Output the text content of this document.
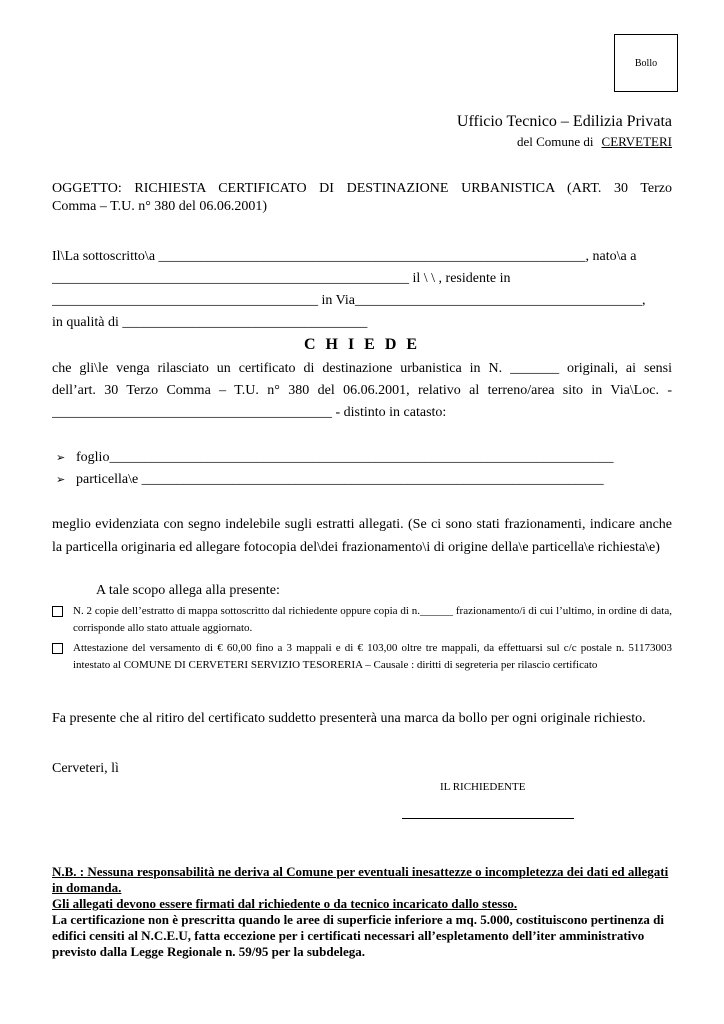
Bollo
Ufficio Tecnico – Edilizia Privata
del Comune di CERVETERI
OGGETTO: RICHIESTA CERTIFICATO DI DESTINAZIONE URBANISTICA (ART. 30 Terzo
Comma – T.U. n° 380 del 06.06.2001)
Il\La sottoscritto\a _____________________________________________________________, nato\a a
___________________________________________________ il \ \ , residente in
______________________________________ in Via_________________________________________,
in qualità di ___________________________________
C H I E D E
che gli\le venga rilasciato un certificato di destinazione urbanistica in N. _______ originali, ai sensi
dell’art. 30 Terzo Comma – T.U. n° 380 del 06.06.2001, relativo al terreno/area sito in Via\Loc. -
________________________________________ - distinto in catasto:
➢ foglio________________________________________________________________________
➢ particella\e __________________________________________________________________
meglio evidenziata con segno indelebile sugli estratti allegati. (Se ci sono stati frazionamenti, indicare anche la particella originaria ed allegare fotocopia del\dei frazionamento\i di origine della\e particella\e richiesta\e)
A tale scopo allega alla presente:
N. 2 copie dell’estratto di mappa sottoscritto dal richiedente oppure copia di n.______ frazionamento/i di cui l’ultimo, in ordine di data, corrisponde allo stato attuale aggiornato.
Attestazione del versamento di € 60,00 fino a 3 mappali e di € 103,00 oltre tre mappali, da effettuarsi sul c/c postale n. 51173003 intestato al COMUNE DI CERVETERI SERVIZIO TESORERIA – Causale : diritti di segreteria per rilascio certificato
Fa presente che al ritiro del certificato suddetto presenterà una marca da bollo per ogni originale richiesto.
Cerveteri, lì
IL RICHIEDENTE
N.B. : Nessuna responsabilità ne deriva al Comune per eventuali inesattezze o incompletezza dei dati ed allegati in domanda.
Gli allegati devono essere firmati dal richiedente o da tecnico incaricato dallo stesso.
La certificazione non è prescritta quando le aree di superficie inferiore a mq. 5.000, costituiscono pertinenza di edifici censiti al N.C.E.U, fatta eccezione per i certificati necessari all’espletamento dell’iter amministrativo previsto dalla Legge Regionale n. 59/95 per la subdelega.
